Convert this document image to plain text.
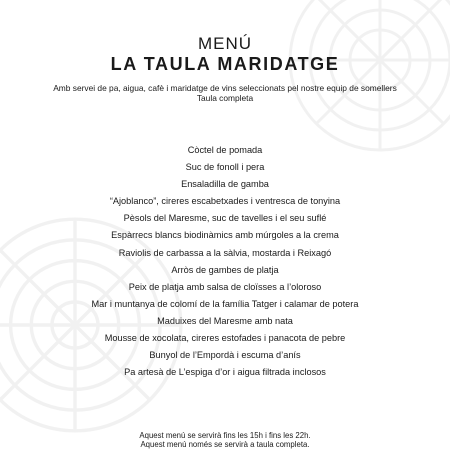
MENÚ
LA TAULA MARIDATGE
Amb servei de pa, aigua, cafè i maridatge de vins seleccionats pel nostre equip de somellers
Taula completa
Còctel de pomada
Suc de fonoll i pera
Ensaladilla de gamba
“Ajoblanco”, cireres escabetxades i ventresca de tonyina
Pèsols del Maresme, suc de tavelles i el seu suflé
Espàrrecs blancs biodinàmics amb múrgoles a la crema
Raviolis de carbassa a la sàlvia, mostarda i Reixagó
Arròs de gambes de platja
Peix de platja amb salsa de cloïsses a l’oloroso
Mar i muntanya de colomí de la família Tatger i calamar de potera
Maduixes del Maresme amb nata
Mousse de xocolata, cireres estofades i panacota de pebre
Bunyol de l’Empordà i escuma d’anís
Pa artesà de L’espiga d’or i aigua filtrada inclosos
Aquest menú se servirà fins les 15h i fins les 22h.
Aquest menú només se servirà a taula completa.
